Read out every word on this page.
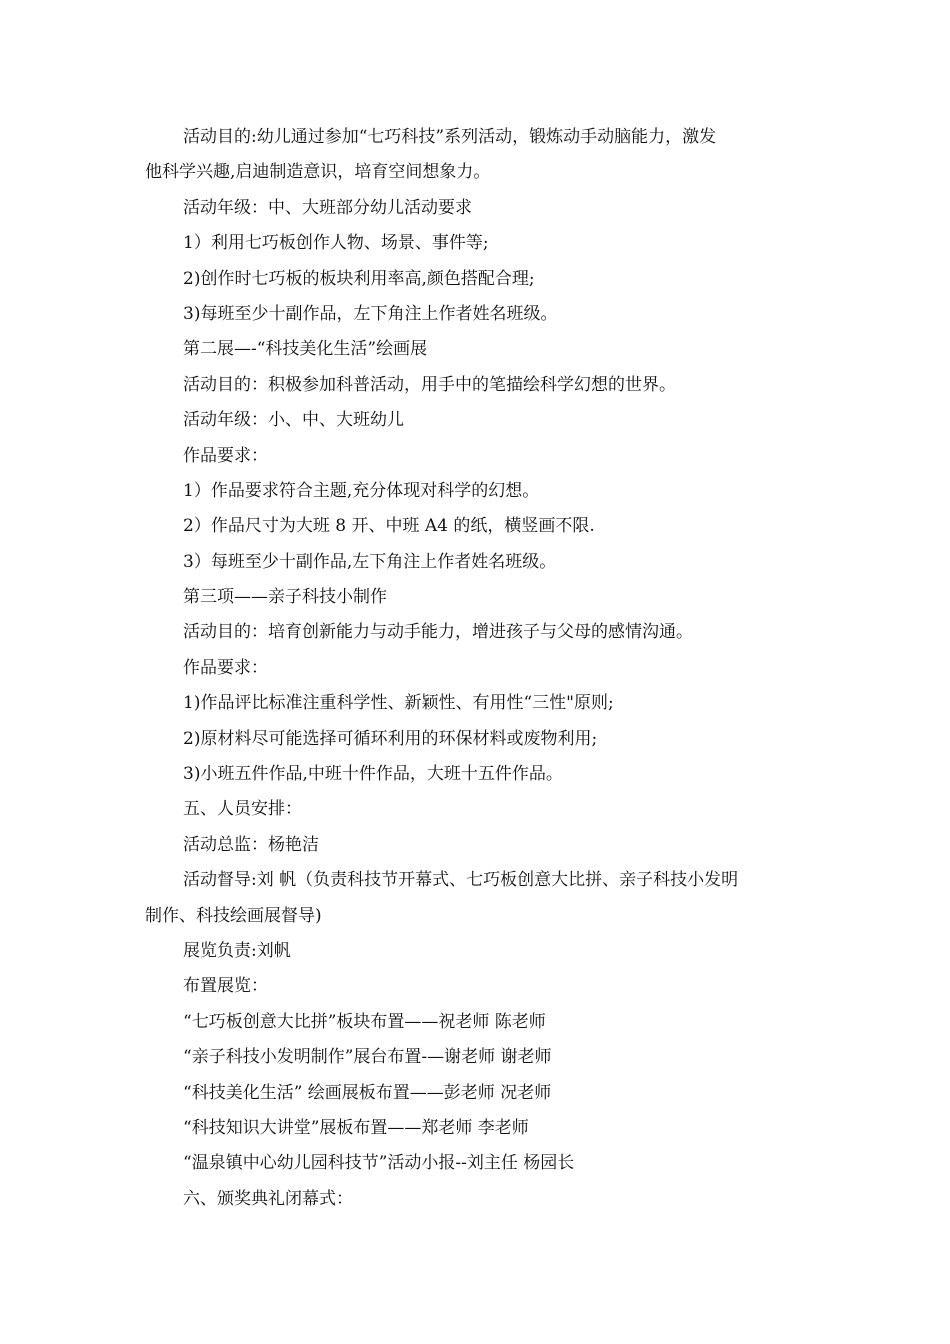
活动目的:幼儿通过参加“七巧科技”系列活动，锻炼动手动脑能力，激发
他科学兴趣,启迪制造意识，培育空间想象力。
活动年级：中、大班部分幼儿活动要求
1）利用七巧板创作人物、场景、事件等;
2)创作时七巧板的板块利用率高,颜色搭配合理;
3)每班至少十副作品，左下角注上作者姓名班级。
第二展—-“科技美化生活”绘画展
活动目的：积极参加科普活动，用手中的笔描绘科学幻想的世界。
活动年级：小、中、大班幼儿
作品要求：
1）作品要求符合主题,充分体现对科学的幻想。
2）作品尺寸为大班 8 开、中班 A4 的纸，横竖画不限.
3）每班至少十副作品,左下角注上作者姓名班级。
第三项——亲子科技小制作
活动目的：培育创新能力与动手能力，增进孩子与父母的感情沟通。
作品要求：
1)作品评比标准注重科学性、新颖性、有用性“三性"原则;
2)原材料尽可能选择可循环利用的环保材料或废物利用;
3)小班五件作品,中班十件作品，大班十五件作品。
五、人员安排：
活动总监：杨艳洁
活动督导:刘 帆（负责科技节开幕式、七巧板创意大比拼、亲子科技小发明
制作、科技绘画展督导)
展览负责:刘帆
布置展览：
“七巧板创意大比拼”板块布置——祝老师 陈老师
“亲子科技小发明制作”展台布置-—谢老师 谢老师
“科技美化生活” 绘画展板布置——彭老师 况老师
“科技知识大讲堂”展板布置——郑老师 李老师
“温泉镇中心幼儿园科技节”活动小报--刘主任 杨园长
六、颁奖典礼闭幕式：
